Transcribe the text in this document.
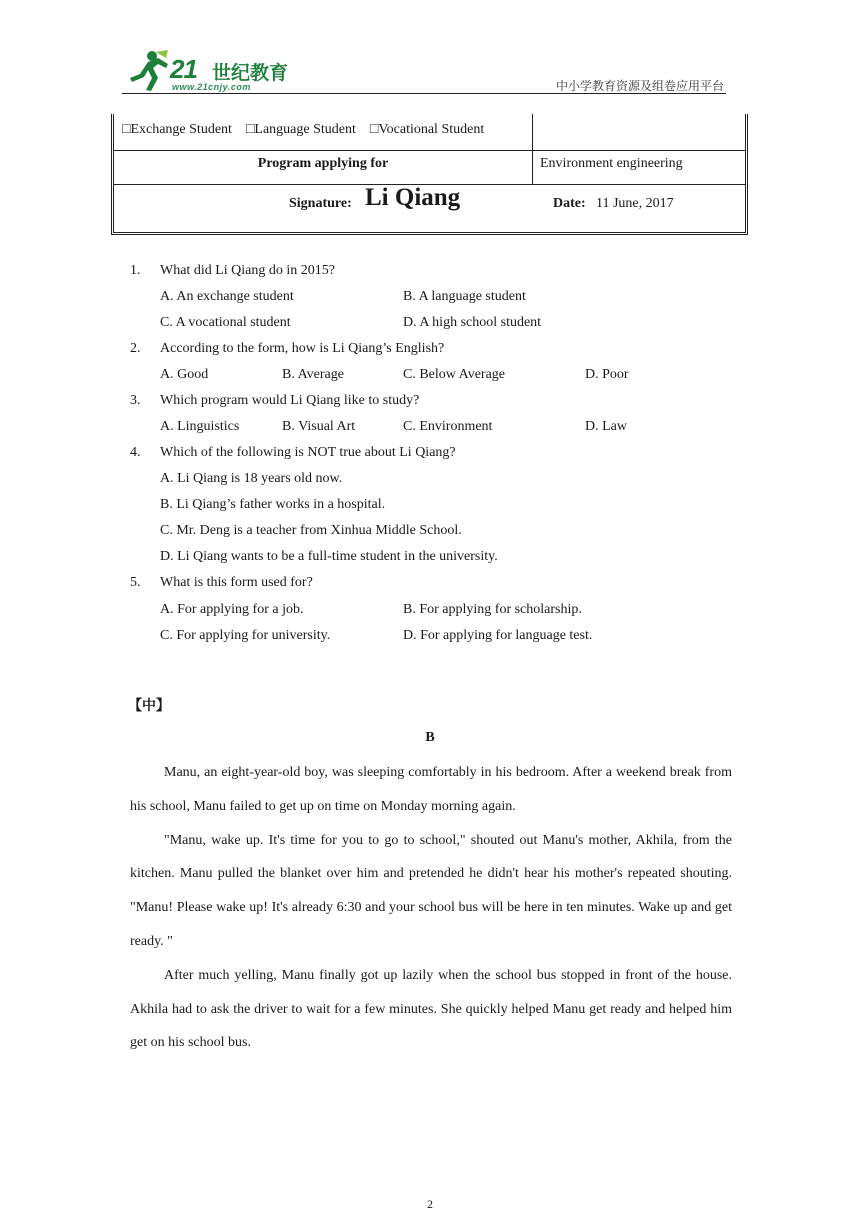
21 世纪教育
www.21cnjy.com	中小学教育资源及组卷应用平台
□Exchange Student □Language Student □Vocational Student
Program applying for	Environment engineering
Signature: Li Qiang	Date: 11 June, 2017
1. What did Li Qiang do in 2015?
A. An exchange student	B. A language student
C. A vocational student	D. A high school student
2. According to the form, how is Li Qiang’s English?
A. Good	B. Average	C. Below Average	D. Poor
3. Which program would Li Qiang like to study?
A. Linguistics	B. Visual Art	C. Environment	D. Law
4. Which of the following is NOT true about Li Qiang?
A. Li Qiang is 18 years old now.
B. Li Qiang’s father works in a hospital.
C. Mr. Deng is a teacher from Xinhua Middle School.
D. Li Qiang wants to be a full-time student in the university.
5. What is this form used for?
A. For applying for a job.	B. For applying for scholarship.
C. For applying for university.	D. For applying for language test.
【中】
B

Manu, an eight-year-old boy, was sleeping comfortably in his bedroom. After a weekend break from his school, Manu failed to get up on time on Monday morning again.

"Manu, wake up. It's time for you to go to school," shouted out Manu's mother, Akhila, from the kitchen. Manu pulled the blanket over him and pretended he didn't hear his mother's repeated shouting. "Manu! Please wake up! It's already 6:30 and your school bus will be here in ten minutes. Wake up and get ready. "

After much yelling, Manu finally got up lazily when the school bus stopped in front of the house. Akhila had to ask the driver to wait for a few minutes. She quickly helped Manu get ready and helped him get on his school bus.

2
